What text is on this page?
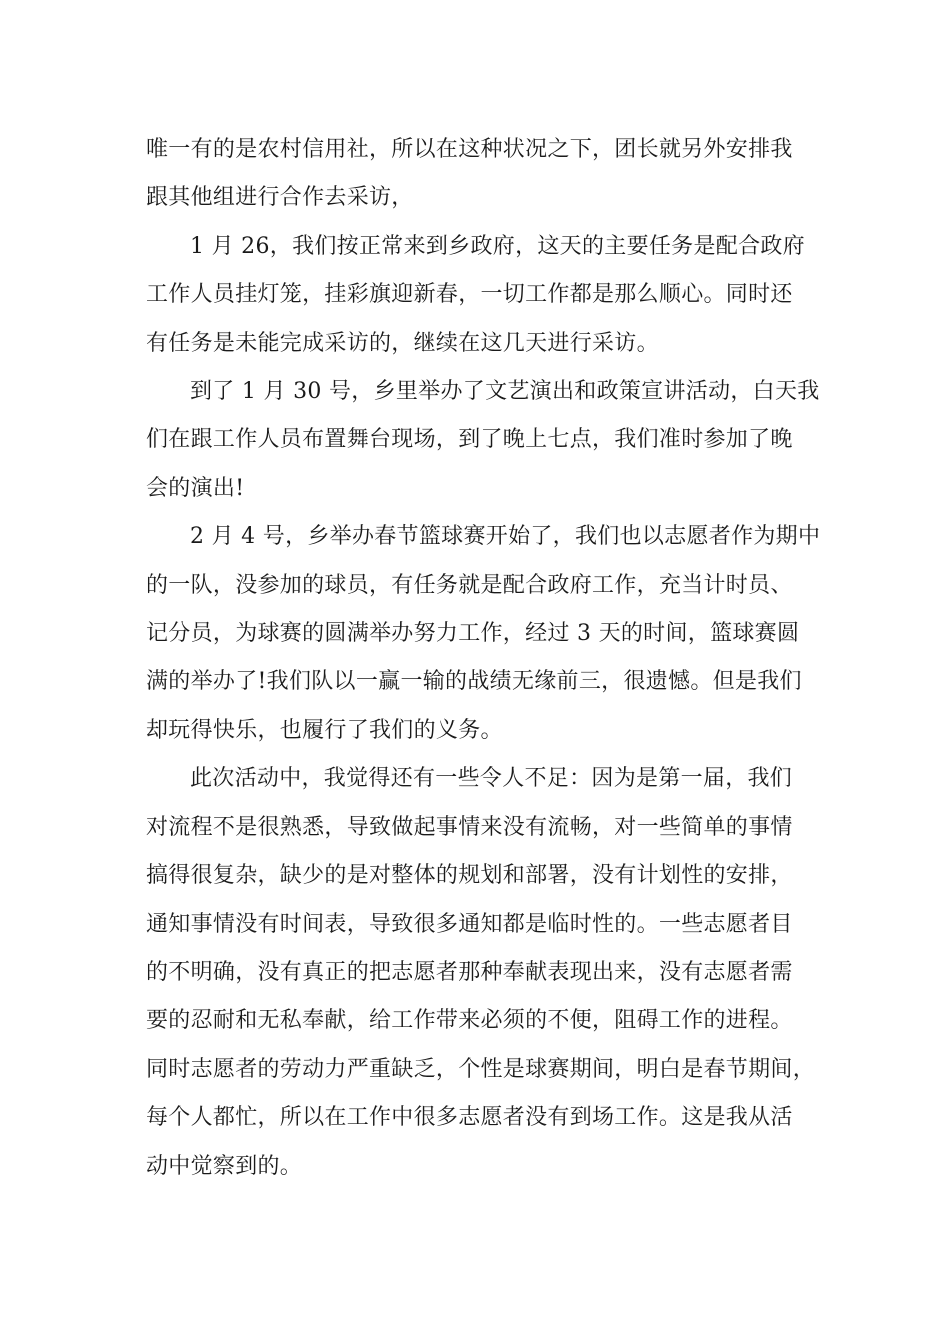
唯一有的是农村信用社，所以在这种状况之下，团长就另外安排我
跟其他组进行合作去采访，

1 月 26，我们按正常来到乡政府，这天的主要任务是配合政府
工作人员挂灯笼，挂彩旗迎新春，一切工作都是那么顺心。同时还
有任务是未能完成采访的，继续在这几天进行采访。

到了 1 月 30 号，乡里举办了文艺演出和政策宣讲活动，白天我
们在跟工作人员布置舞台现场，到了晚上七点，我们准时参加了晚
会的演出!

2 月 4 号，乡举办春节篮球赛开始了，我们也以志愿者作为期中
的一队，没参加的球员，有任务就是配合政府工作，充当计时员、
记分员，为球赛的圆满举办努力工作，经过 3 天的时间，篮球赛圆
满的举办了!我们队以一赢一输的战绩无缘前三，很遗憾。但是我们
却玩得快乐，也履行了我们的义务。

此次活动中，我觉得还有一些令人不足：因为是第一届，我们
对流程不是很熟悉，导致做起事情来没有流畅，对一些简单的事情
搞得很复杂，缺少的是对整体的规划和部署，没有计划性的安排，
通知事情没有时间表，导致很多通知都是临时性的。一些志愿者目
的不明确，没有真正的把志愿者那种奉献表现出来，没有志愿者需
要的忍耐和无私奉献，给工作带来必须的不便，阻碍工作的进程。
同时志愿者的劳动力严重缺乏，个性是球赛期间，明白是春节期间，
每个人都忙，所以在工作中很多志愿者没有到场工作。这是我从活
动中觉察到的。
